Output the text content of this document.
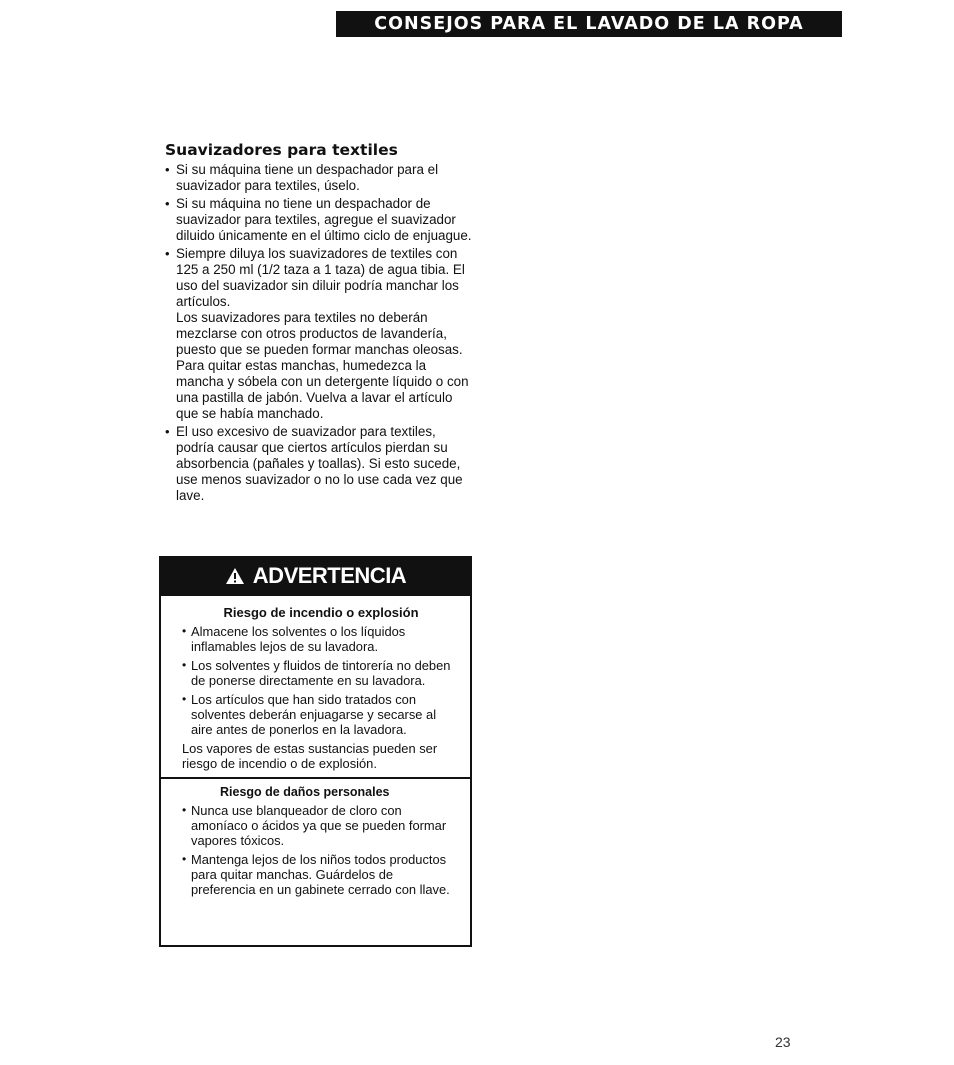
CONSEJOS PARA EL LAVADO DE LA ROPA
Suavizadores para textiles
• Si su máquina tiene un despachador para el suavizador para textiles, úselo.
• Si su máquina no tiene un despachador de suavizador para textiles, agregue el suavizador diluido únicamente en el último ciclo de enjuague.
• Siempre diluya los suavizadores de textiles con 125 a 250 ml (1/2 taza a 1 taza) de agua tibia. El uso del suavizador sin diluir podría manchar los artículos.
Los suavizadores para textiles no deberán mezclarse con otros productos de lavandería, puesto que se pueden formar manchas oleosas. Para quitar estas manchas, humedezca la mancha y sóbela con un detergente líquido o con una pastilla de jabón. Vuelva a lavar el artículo que se había manchado.
• El uso excesivo de suavizador para textiles, podría causar que ciertos artículos pierdan su absorbencia (pañales y toallas). Si esto sucede, use menos suavizador o no lo use cada vez que lave.
ADVERTENCIA
Riesgo de incendio o explosión
• Almacene los solventes o los líquidos inflamables lejos de su lavadora.
• Los solventes y fluidos de tintorería no deben de ponerse directamente en su lavadora.
• Los artículos que han sido tratados con solventes deberán enjuagarse y secarse al aire antes de ponerlos en la lavadora.

Los vapores de estas sustancias pueden ser riesgo de incendio o de explosión.

Riesgo de daños personales
• Nunca use blanqueador de cloro con amoníaco o ácidos ya que se pueden formar vapores tóxicos.
• Mantenga lejos de los niños todos productos para quitar manchas. Guárdelos de preferencia en un gabinete cerrado con llave.
23
